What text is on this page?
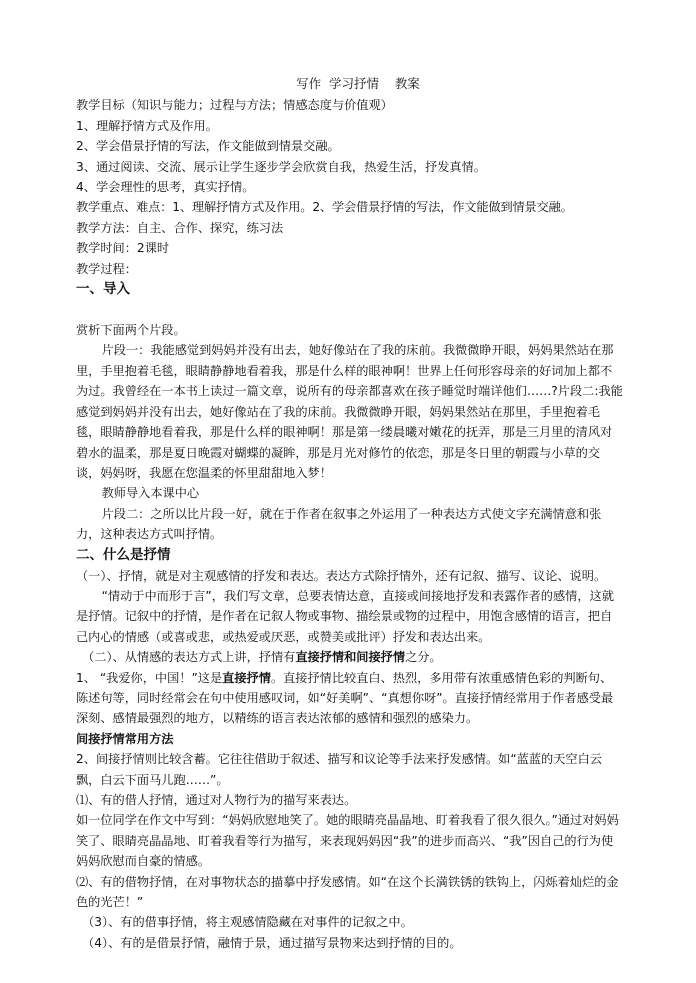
写作  学习抒情    教案

教学目标（知识与能力；过程与方法；情感态度与价值观）

1、理解抒情方式及作用。

2、学会借景抒情的写法，作文能做到情景交融。

3、通过阅读、交流、展示让学生逐步学会欣赏自我，热爱生活，抒发真情。

4、学会理性的思考，真实抒情。

教学重点、难点：1、理解抒情方式及作用。2、学会借景抒情的写法，作文能做到情景交融。

教学方法：自主、合作、探究，练习法

教学时间：2课时

教学过程：

一、导入

赏析下面两个片段。

片段一：我能感觉到妈妈并没有出去，她好像站在了我的床前。我微微睁开眼，妈妈果然站在那里，手里抱着毛毯，眼睛静静地看着我，那是什么样的眼神啊！世界上任何形容母亲的好词加上都不为过。我曾经在一本书上读过一篇文章，说所有的母亲都喜欢在孩子睡觉时端详他们……?片段二:我能感觉到妈妈并没有出去，她好像站在了我的床前。我微微睁开眼，妈妈果然站在那里，手里抱着毛毯，眼睛静静地看着我，那是什么样的眼神啊！那是第一缕晨曦对嫩花的抚弄，那是三月里的清风对碧水的温柔，那是夏日晚霞对蝴蝶的凝眸，那是月光对修竹的依恋，那是冬日里的朝霞与小草的交谈，妈妈呀，我愿在您温柔的怀里甜甜地入梦！

教师导入本课中心

片段二：之所以比片段一好，就在于作者在叙事之外运用了一种表达方式使文字充满情意和张力，这种表达方式叫抒情。

二、什么是抒情

（一）、抒情，就是对主观感情的抒发和表达。表达方式除抒情外，还有记叙、描写、议论、说明。

“情动于中而形于言”，我们写文章，总要表情达意，直接或间接地抒发和表露作者的感情，这就是抒情。记叙中的抒情，是作者在记叙人物或事物、描绘景或物的过程中，用饱含感情的语言，把自己内心的情感（或喜或悲，或热爱或厌恶，或赞美或批评）抒发和表达出来。

（二）、从情感的表达方式上讲，抒情有直接抒情和间接抒情之分。

1、 “我爱你，中国！”这是直接抒情。直接抒情比较直白、热烈，多用带有浓重感情色彩的判断句、陈述句等，同时经常会在句中使用感叹词，如“好美啊”、“真想你呀”。直接抒情经常用于作者感受最深刻、感情最强烈的地方，以精练的语言表达浓郁的感情和强烈的感染力。

间接抒情常用方法

2、间接抒情则比较含蓄。它往往借助于叙述、描写和议论等手法来抒发感情。如“蓝蓝的天空白云飘，白云下面马儿跑……”。

⑴、有的借人抒情，通过对人物行为的描写来表达。

如一位同学在作文中写到：“妈妈欣慰地笑了。她的眼睛亮晶晶地、盯着我看了很久很久。”通过对妈妈笑了、眼睛亮晶晶地、盯着我看等行为描写，来表现妈妈因“我”的进步而高兴、“我”因自己的行为使妈妈欣慰而自豪的情感。

⑵、有的借物抒情，在对事物状态的描摹中抒发感情。如“在这个长満铁锈的铁钩上，闪烁着灿烂的金色的光芒！”

（3）、有的借事抒情，将主观感情隐藏在对事件的记叙之中。

（4）、有的是借景抒情，融情于景，通过描写景物来达到抒情的目的。
